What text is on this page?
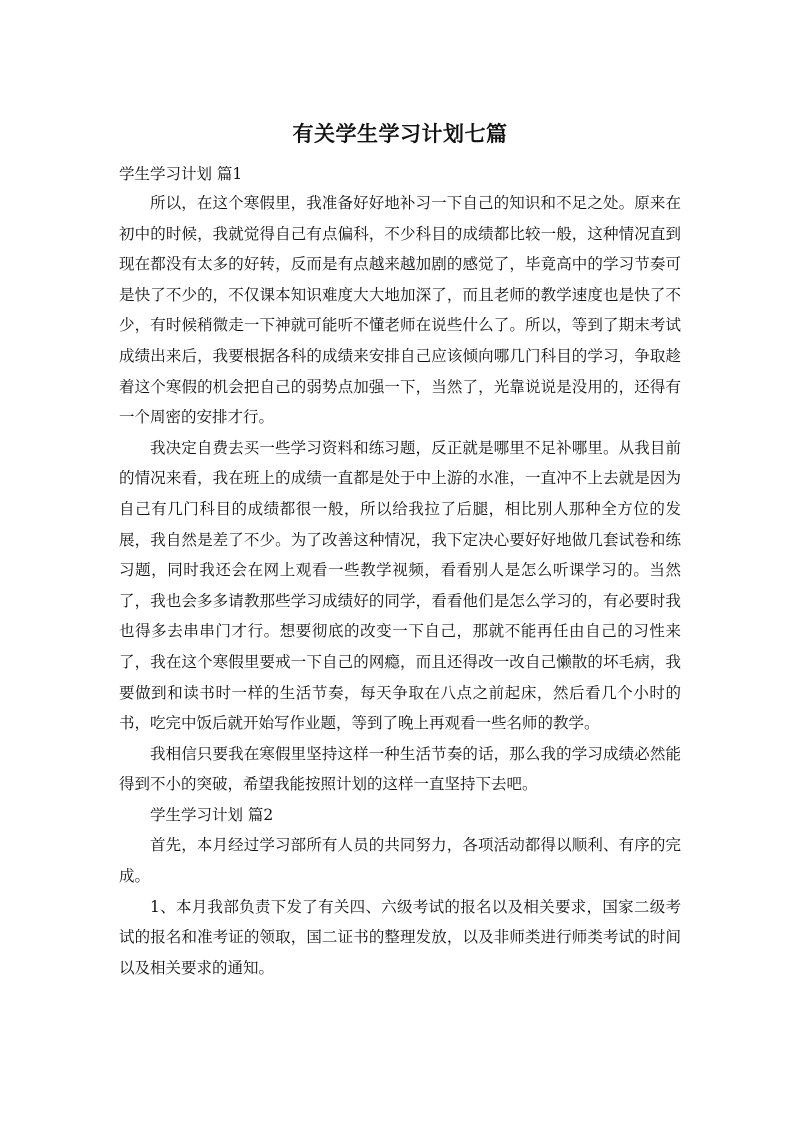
有关学生学习计划七篇

学生学习计划 篇1

所以，在这个寒假里，我准备好好地补习一下自己的知识和不足之处。原来在初中的时候，我就觉得自己有点偏科，不少科目的成绩都比较一般，这种情况直到现在都没有太多的好转，反而是有点越来越加剧的感觉了，毕竟高中的学习节奏可是快了不少的，不仅课本知识难度大大地加深了，而且老师的教学速度也是快了不少，有时候稍微走一下神就可能听不懂老师在说些什么了。所以，等到了期末考试成绩出来后，我要根据各科的成绩来安排自己应该倾向哪几门科目的学习，争取趁着这个寒假的机会把自己的弱势点加强一下，当然了，光靠说说是没用的，还得有一个周密的安排才行。

我决定自费去买一些学习资料和练习题，反正就是哪里不足补哪里。从我目前的情况来看，我在班上的成绩一直都是处于中上游的水准，一直冲不上去就是因为自己有几门科目的成绩都很一般，所以给我拉了后腿，相比别人那种全方位的发展，我自然是差了不少。为了改善这种情况，我下定决心要好好地做几套试卷和练习题，同时我还会在网上观看一些教学视频，看看别人是怎么听课学习的。当然了，我也会多多请教那些学习成绩好的同学，看看他们是怎么学习的，有必要时我也得多去串串门才行。想要彻底的改变一下自己，那就不能再任由自己的习性来了，我在这个寒假里要戒一下自己的网瘾，而且还得改一改自己懒散的坏毛病，我要做到和读书时一样的生活节奏，每天争取在八点之前起床，然后看几个小时的书，吃完中饭后就开始写作业题，等到了晚上再观看一些名师的教学。

我相信只要我在寒假里坚持这样一种生活节奏的话，那么我的学习成绩必然能得到不小的突破，希望我能按照计划的这样一直坚持下去吧。

学生学习计划 篇2

首先，本月经过学习部所有人员的共同努力，各项活动都得以顺利、有序的完成。

1、本月我部负责下发了有关四、六级考试的报名以及相关要求，国家二级考试的报名和准考证的领取，国二证书的整理发放，以及非师类进行师类考试的时间以及相关要求的通知。
